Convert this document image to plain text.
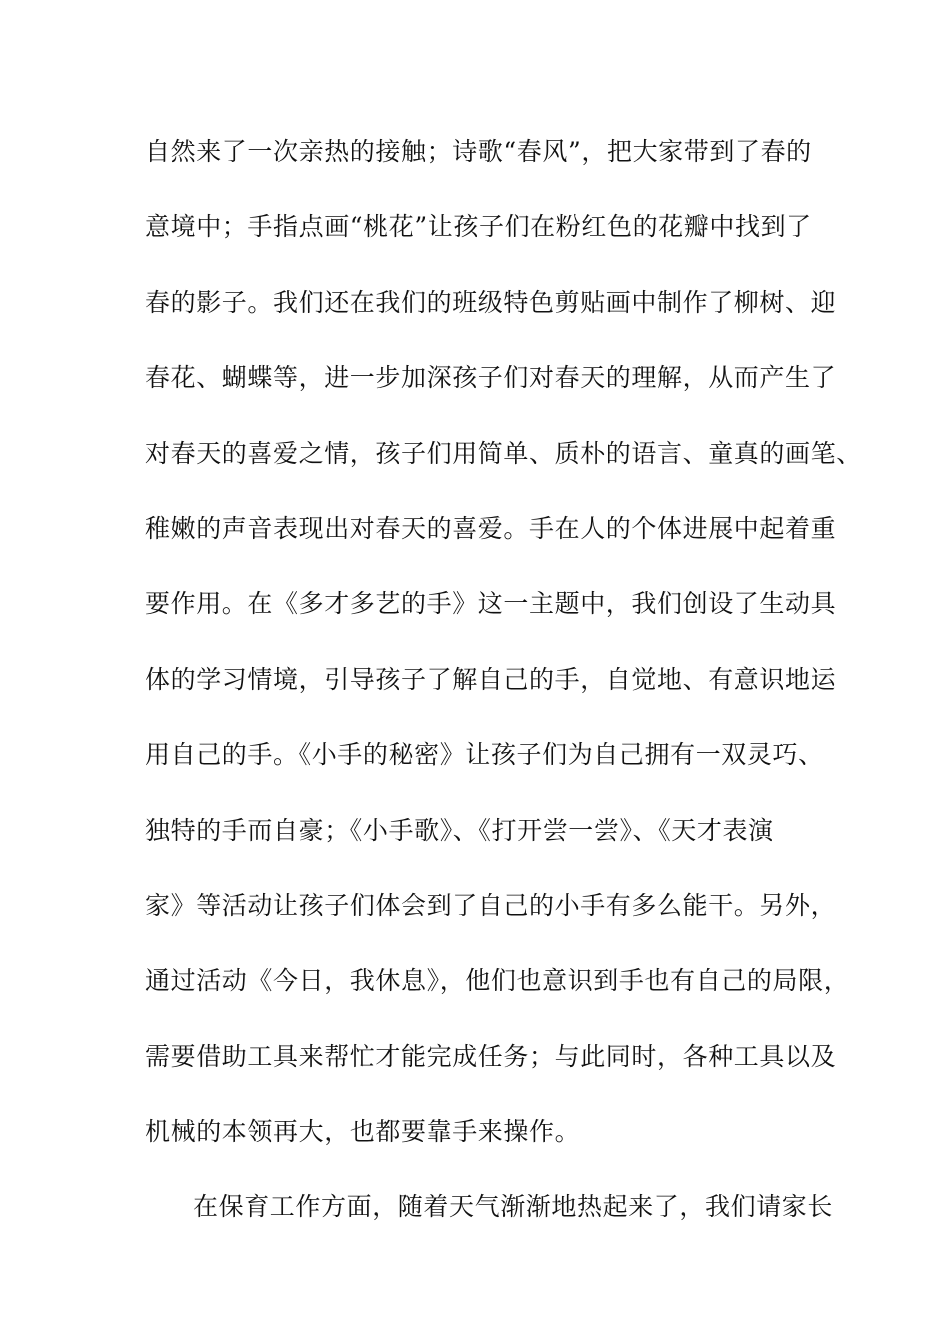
自然来了一次亲热的接触；诗歌“春风”，把大家带到了春的
意境中；手指点画“桃花”让孩子们在粉红色的花瓣中找到了
春的影子。我们还在我们的班级特色剪贴画中制作了柳树、迎
春花、蝴蝶等，进一步加深孩子们对春天的理解，从而产生了
对春天的喜爱之情，孩子们用简单、质朴的语言、童真的画笔、
稚嫩的声音表现出对春天的喜爱。手在人的个体进展中起着重
要作用。在《多才多艺的手》这一主题中，我们创设了生动具
体的学习情境，引导孩子了解自己的手，自觉地、有意识地运
用自己的手。《小手的秘密》让孩子们为自己拥有一双灵巧、
独特的手而自豪；《小手歌》、《打开尝一尝》、《天才表演
家》等活动让孩子们体会到了自己的小手有多么能干。另外，
通过活动《今日，我休息》，他们也意识到手也有自己的局限，
需要借助工具来帮忙才能完成任务；与此同时，各种工具以及
机械的本领再大，也都要靠手来操作。
在保育工作方面，随着天气渐渐地热起来了，我们请家长
